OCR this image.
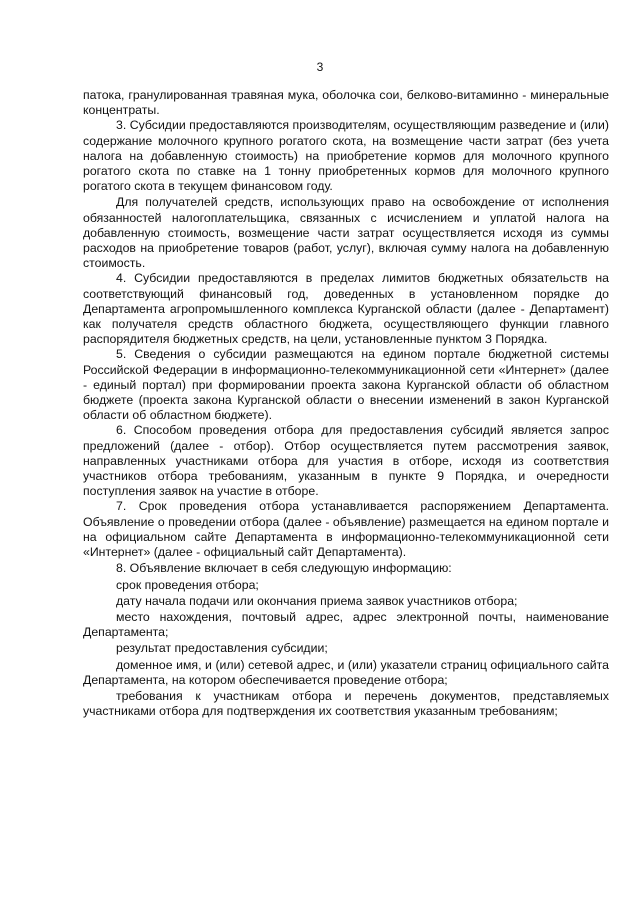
3

патока, гранулированная травяная мука, оболочка сои, белково-витаминно - минеральные концентраты.

3. Субсидии предоставляются производителям, осуществляющим разведение и (или) содержание молочного крупного рогатого скота, на возмещение части затрат (без учета налога на добавленную стоимость) на приобретение кормов для молочного крупного рогатого скота по ставке на 1 тонну приобретенных кормов для молочного крупного рогатого скота в текущем финансовом году.

Для получателей средств, использующих право на освобождение от исполнения обязанностей налогоплательщика, связанных с исчислением и уплатой налога на добавленную стоимость, возмещение части затрат осуществляется исходя из суммы расходов на приобретение товаров (работ, услуг), включая сумму налога на добавленную стоимость.

4. Субсидии предоставляются в пределах лимитов бюджетных обязательств на соответствующий финансовый год, доведенных в установленном порядке до Департамента агропромышленного комплекса Курганской области (далее - Департамент) как получателя средств областного бюджета, осуществляющего функции главного распорядителя бюджетных средств, на цели, установленные пунктом 3 Порядка.

5. Сведения о субсидии размещаются на едином портале бюджетной системы Российской Федерации в информационно-телекоммуникационной сети «Интернет» (далее - единый портал) при формировании проекта закона Курганской области об областном бюджете (проекта закона Курганской области о внесении изменений в закон Курганской области об областном бюджете).

6. Способом проведения отбора для предоставления субсидий является запрос предложений (далее - отбор). Отбор осуществляется путем рассмотрения заявок, направленных участниками отбора для участия в отборе, исходя из соответствия участников отбора требованиям, указанным в пункте 9 Порядка, и очередности поступления заявок на участие в отборе.

7. Срок проведения отбора устанавливается распоряжением Департамента. Объявление о проведении отбора (далее - объявление) размещается на едином портале и на официальном сайте Департамента в информационно-телекоммуникационной сети «Интернет» (далее - официальный сайт Департамента).

8. Объявление включает в себя следующую информацию:

срок проведения отбора;

дату начала подачи или окончания приема заявок участников отбора;

место нахождения, почтовый адрес, адрес электронной почты, наименование Департамента;

результат предоставления субсидии;

доменное имя, и (или) сетевой адрес, и (или) указатели страниц официального сайта Департамента, на котором обеспечивается проведение отбора;

требования к участникам отбора и перечень документов, представляемых участниками отбора для подтверждения их соответствия указанным требованиям;
